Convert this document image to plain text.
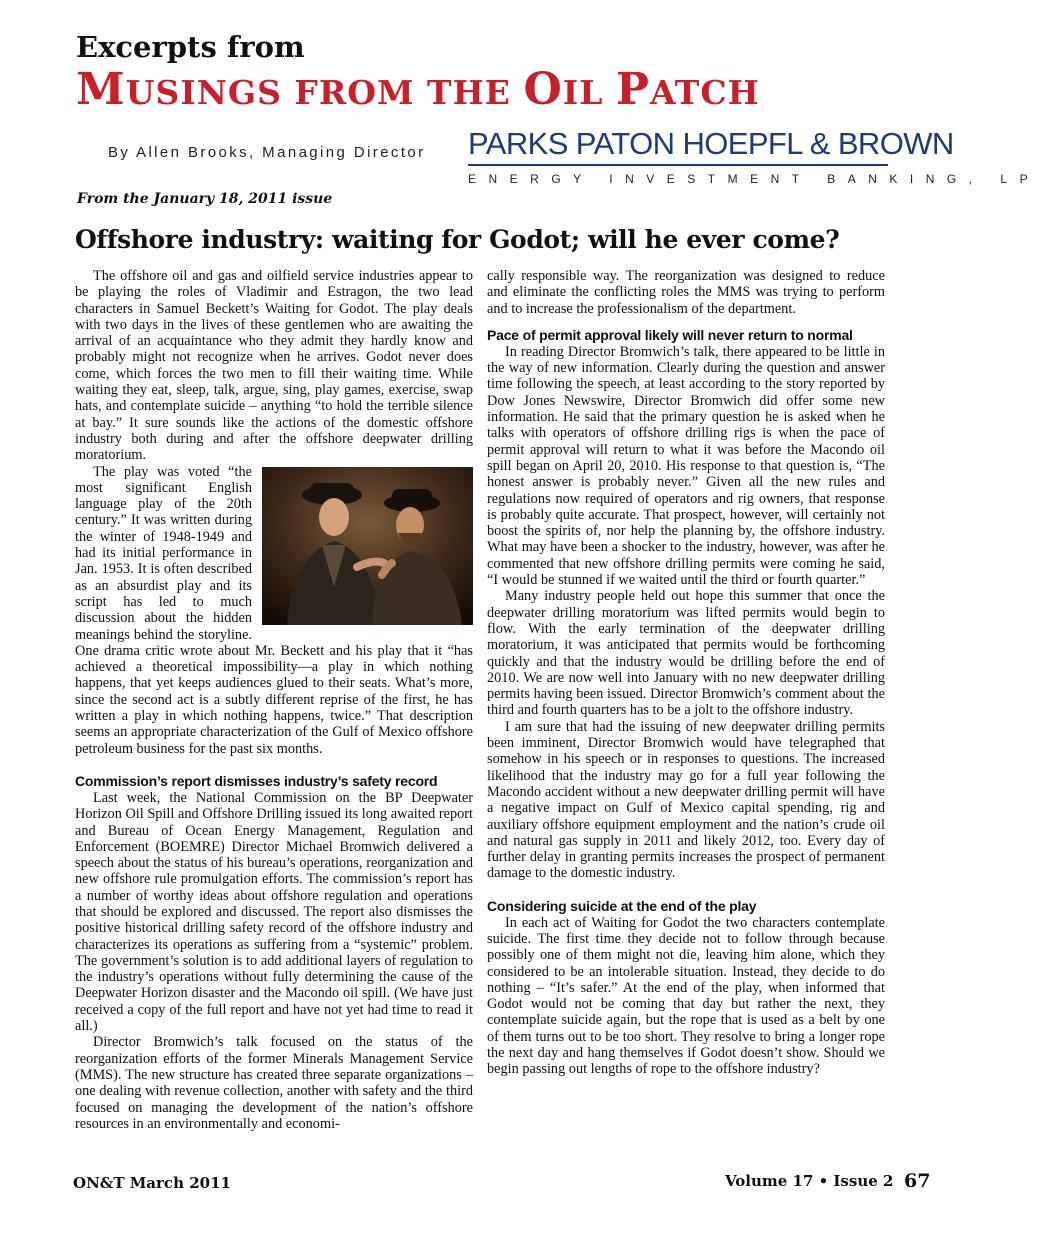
Excerpts from
MUSINGS FROM THE OIL PATCH
By Allen Brooks, Managing Director PARKS PATON HOEPFL & BROWN
ENERGY INVESTMENT BANKING, LP
From the January 18, 2011 issue
Offshore industry: waiting for Godot; will he ever come?

The offshore oil and gas and oilfield service industries appear to be playing the roles of Vladimir and Estragon, the two lead characters in Samuel Beckett’s Waiting for Godot. The play deals with two days in the lives of these gentlemen who are awaiting the arrival of an acquaintance who they admit they hardly know and probably might not recognize when he arrives. Godot never does come, which forces the two men to fill their waiting time. While waiting they eat, sleep, talk, argue, sing, play games, exercise, swap hats, and contemplate suicide – anything “to hold the terrible silence at bay.” It sure sounds like the actions of the domestic offshore industry both during and after the offshore deepwater drilling moratorium.

The play was voted “the most significant English language play of the 20th century.” It was written during the winter of 1948-1949 and had its initial performance in Jan. 1953. It is often described as an absurdist play and its script has led to much discussion about the hidden meanings behind the storyline. One drama critic wrote about Mr. Beckett and his play that it “has achieved a theoretical impossibility—a play in which nothing happens, that yet keeps audiences glued to their seats. What’s more, since the second act is a subtly different reprise of the first, he has written a play in which nothing happens, twice.” That description seems an appropriate characterization of the Gulf of Mexico offshore petroleum business for the past six months.

Commission’s report dismisses industry’s safety record

Last week, the National Commission on the BP Deepwater Horizon Oil Spill and Offshore Drilling issued its long awaited report and Bureau of Ocean Energy Management, Regulation and Enforcement (BOEMRE) Director Michael Bromwich delivered a speech about the status of his bureau’s operations, reorganization and new offshore rule promulgation efforts. The commission’s report has a number of worthy ideas about offshore regulation and operations that should be explored and discussed. The report also dismisses the positive historical drilling safety record of the offshore industry and characterizes its operations as suffering from a “systemic” problem. The government’s solution is to add additional layers of regulation to the industry’s operations without fully determining the cause of the Deepwater Horizon disaster and the Macondo oil spill. (We have just received a copy of the full report and have not yet had time to read it all.)

Director Bromwich’s talk focused on the status of the reorganization efforts of the former Minerals Management Service (MMS). The new structure has created three separate organizations – one dealing with revenue collection, another with safety and the third focused on managing the development of the nation’s offshore resources in an environmentally and economi-

cally responsible way. The reorganization was designed to reduce and eliminate the conflicting roles the MMS was trying to perform and to increase the professionalism of the department.

Pace of permit approval likely will never return to normal

In reading Director Bromwich’s talk, there appeared to be little in the way of new information. Clearly during the question and answer time following the speech, at least according to the story reported by Dow Jones Newswire, Director Bromwich did offer some new information. He said that the primary question he is asked when he talks with operators of offshore drilling rigs is when the pace of permit approval will return to what it was before the Macondo oil spill began on April 20, 2010. His response to that question is, “The honest answer is probably never.” Given all the new rules and regulations now required of operators and rig owners, that response is probably quite accurate. That prospect, however, will certainly not boost the spirits of, nor help the planning by, the offshore industry. What may have been a shocker to the industry, however, was after he commented that new offshore drilling permits were coming he said, “I would be stunned if we waited until the third or fourth quarter.”

Many industry people held out hope this summer that once the deepwater drilling moratorium was lifted permits would begin to flow. With the early termination of the deepwater drilling moratorium, it was anticipated that permits would be forthcoming quickly and that the industry would be drilling before the end of 2010. We are now well into January with no new deepwater drilling permits having been issued. Director Bromwich’s comment about the third and fourth quarters has to be a jolt to the offshore industry.

I am sure that had the issuing of new deepwater drilling permits been imminent, Director Bromwich would have telegraphed that somehow in his speech or in responses to questions. The increased likelihood that the industry may go for a full year following the Macondo accident without a new deepwater drilling permit will have a negative impact on Gulf of Mexico capital spending, rig and auxiliary offshore equipment employment and the nation’s crude oil and natural gas supply in 2011 and likely 2012, too. Every day of further delay in granting permits increases the prospect of permanent damage to the domestic industry.

Considering suicide at the end of the play

In each act of Waiting for Godot the two characters contemplate suicide. The first time they decide not to follow through because possibly one of them might not die, leaving him alone, which they considered to be an intolerable situation. Instead, they decide to do nothing – “It’s safer.” At the end of the play, when informed that Godot would not be coming that day but rather the next, they contemplate suicide again, but the rope that is used as a belt by one of them turns out to be too short. They resolve to bring a longer rope the next day and hang themselves if Godot doesn’t show. Should we begin passing out lengths of rope to the offshore industry?

ON&T March 2011	Volume 17 • Issue 2 67
